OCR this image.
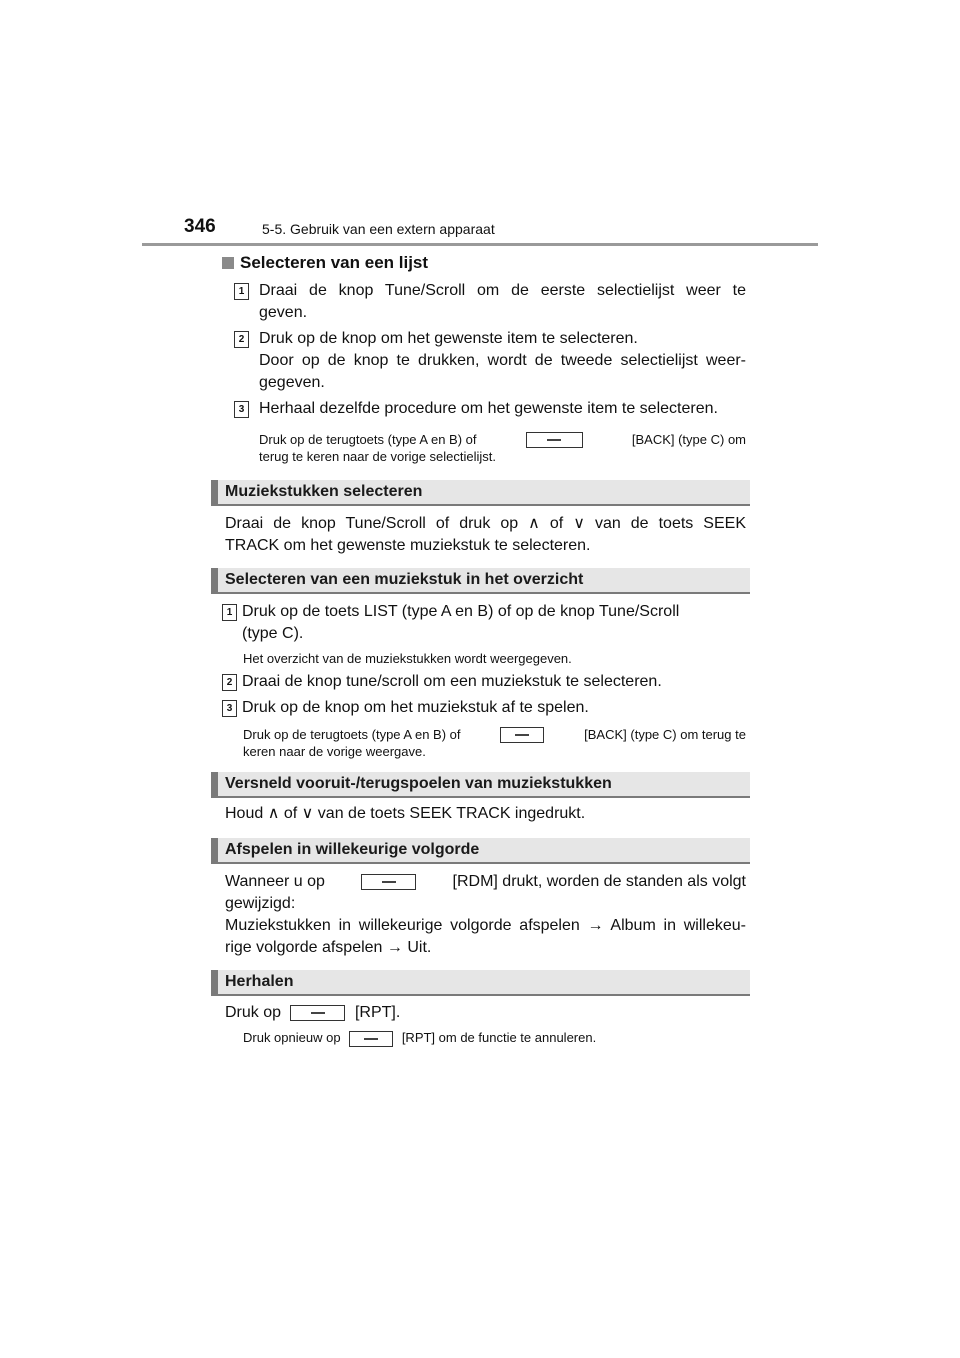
346	5-5. Gebruik van een extern apparaat
Selecteren van een lijst
1 Draai de knop Tune/Scroll om de eerste selectielijst weer te
geven.
2 Druk op de knop om het gewenste item te selecteren.
Door op de knop te drukken, wordt de tweede selectielijst weer-
gegeven.
3 Herhaal dezelfde procedure om het gewenste item te selecteren.
Druk op de terugtoets (type A en B) of	[BACK] (type C) om
terug te keren naar de vorige selectielijst.
Muziekstukken selecteren
Draai de knop Tune/Scroll of druk op ∧ of ∨ van de toets SEEK
TRACK om het gewenste muziekstuk te selecteren.
Selecteren van een muziekstuk in het overzicht
1 Druk op de toets LIST (type A en B) of op de knop Tune/Scroll
(type C).
Het overzicht van de muziekstukken wordt weergegeven.
2 Draai de knop tune/scroll om een muziekstuk te selecteren.
3 Druk op de knop om het muziekstuk af te spelen.
Druk op de terugtoets (type A en B) of	[BACK] (type C) om terug te
keren naar de vorige weergave.
Versneld vooruit-/terugspoelen van muziekstukken
Houd ∧ of ∨ van de toets SEEK TRACK ingedrukt.
Afspelen in willekeurige volgorde
Wanneer u op	[RDM] drukt, worden de standen als volgt
gewijzigd:
Muziekstukken in willekeurige volgorde afspelen → Album in willekeu-
rige volgorde afspelen → Uit.
Herhalen
Druk op	[RPT].
Druk opnieuw op	[RPT] om de functie te annuleren.
